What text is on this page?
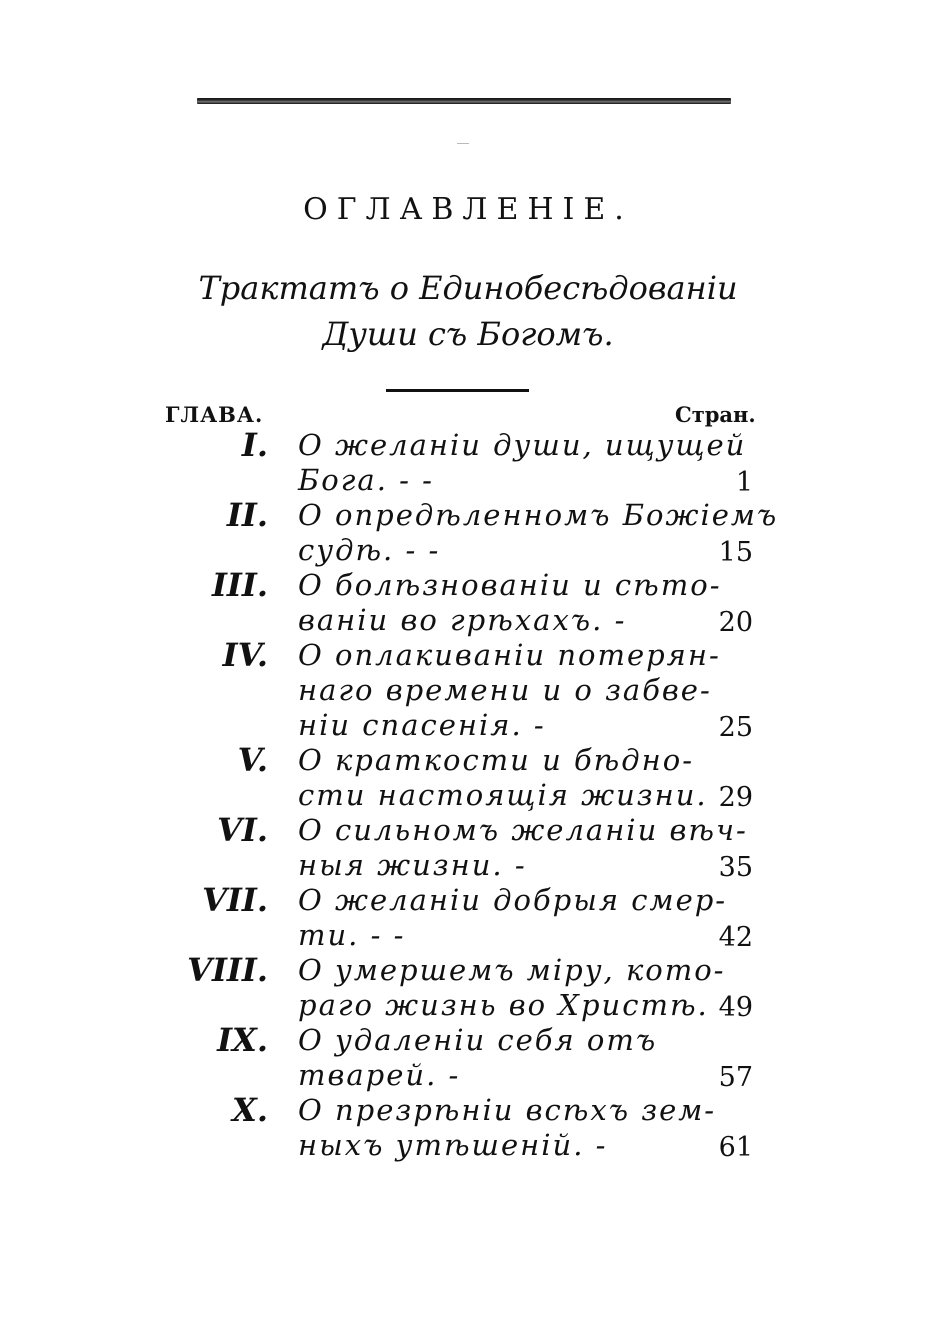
ОГЛАВЛЕНІЕ.
Трактатъ о Единобесѣдованіи
Души съ Богомъ.
ГЛАВА.	Стран.
I. О желаніи души, ищущей
Бога. - -	1
II. О опредѣленномъ Божіемъ
судѣ. - -	15
III. О болѣзнованіи и сѣто-
ваніи во грѣхахъ. -	20
IV. О оплакиваніи потерян-
наго времени и о забве-
ніи спасенія. -	25
V. О краткости и бѣдно-
сти настоящія жизни. 29
VI. О сильномъ желаніи вѣч-
ныя жизни. -	35
VII. О желаніи добрыя смер-
ти. - -	42
VIII. О умершемъ міру, кото-
раго жизнь во Христѣ. 49
IX. О удаленіи себя отъ
тварей. -	57
X. О презрѣніи всѣхъ зем-
ныхъ утѣшеній. -	61
